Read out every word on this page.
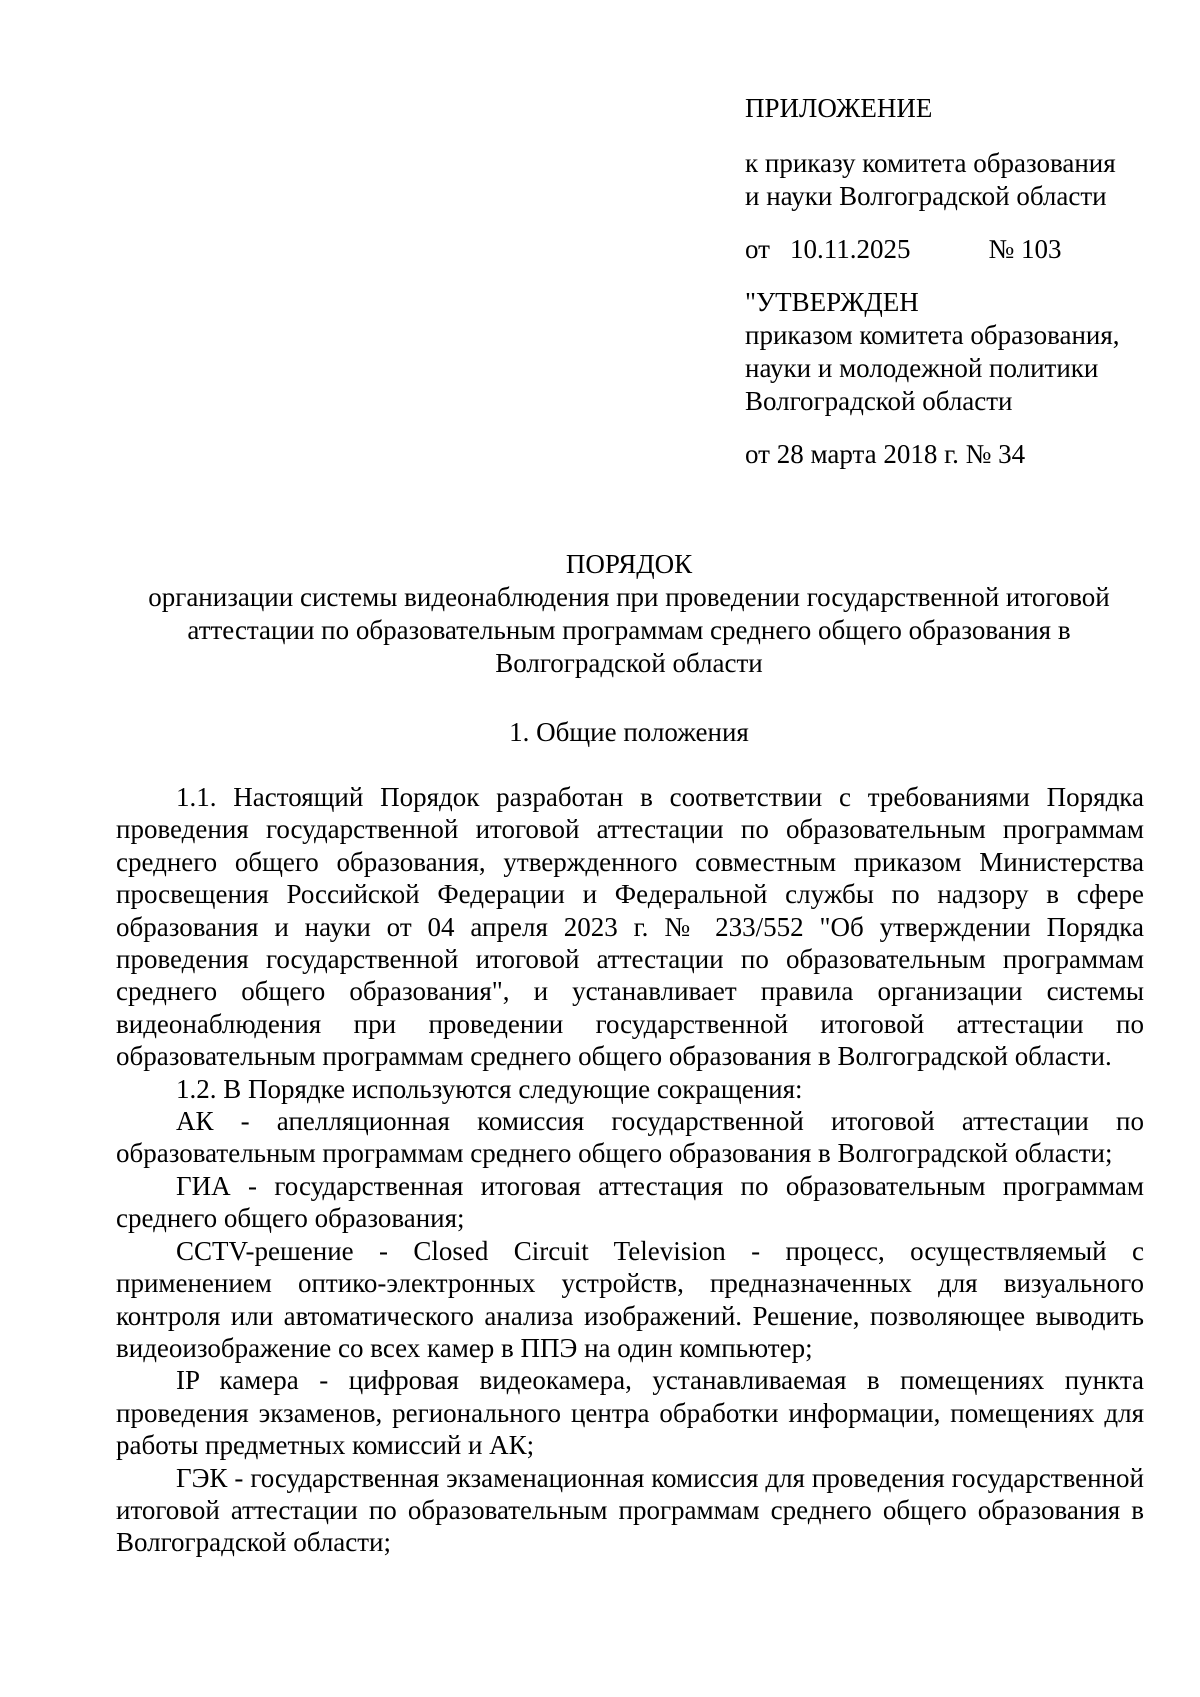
ПРИЛОЖЕНИЕ

к приказу комитета образования
и науки Волгоградской области
от 10.11.2025	№ 103
"УТВЕРЖДЕН
приказом комитета образования,
науки и молодежной политики
Волгоградской области
от 28 марта 2018 г. № 34
ПОРЯДОК
организации системы видеонаблюдения при проведении государственной итоговой аттестации по образовательным программам среднего общего образования в Волгоградской области
1. Общие положения

1.1. Настоящий Порядок разработан в соответствии с требованиями Порядка проведения государственной итоговой аттестации по образовательным программам среднего общего образования, утвержденного совместным приказом Министерства просвещения Российской Федерации и Федеральной службы по надзору в сфере образования и науки от 04 апреля 2023 г. № 233/552 "Об утверждении Порядка проведения государственной итоговой аттестации по образовательным программам среднего общего образования", и устанавливает правила организации системы видеонаблюдения при проведении государственной итоговой аттестации по образовательным программам среднего общего образования в Волгоградской области.

1.2. В Порядке используются следующие сокращения:

АК - апелляционная комиссия государственной итоговой аттестации по образовательным программам среднего общего образования в Волгоградской области;

ГИА - государственная итоговая аттестация по образовательным программам среднего общего образования;

CCTV-решение - Closed Circuit Television - процесс, осуществляемый с применением оптико-электронных устройств, предназначенных для визуального контроля или автоматического анализа изображений. Решение, позволяющее выводить видеоизображение со всех камер в ППЭ на один компьютер;

IP камера - цифровая видеокамера, устанавливаемая в помещениях пункта проведения экзаменов, регионального центра обработки информации, помещениях для работы предметных комиссий и АК;

ГЭК - государственная экзаменационная комиссия для проведения государственной итоговой аттестации по образовательным программам среднего общего образования в Волгоградской области;
